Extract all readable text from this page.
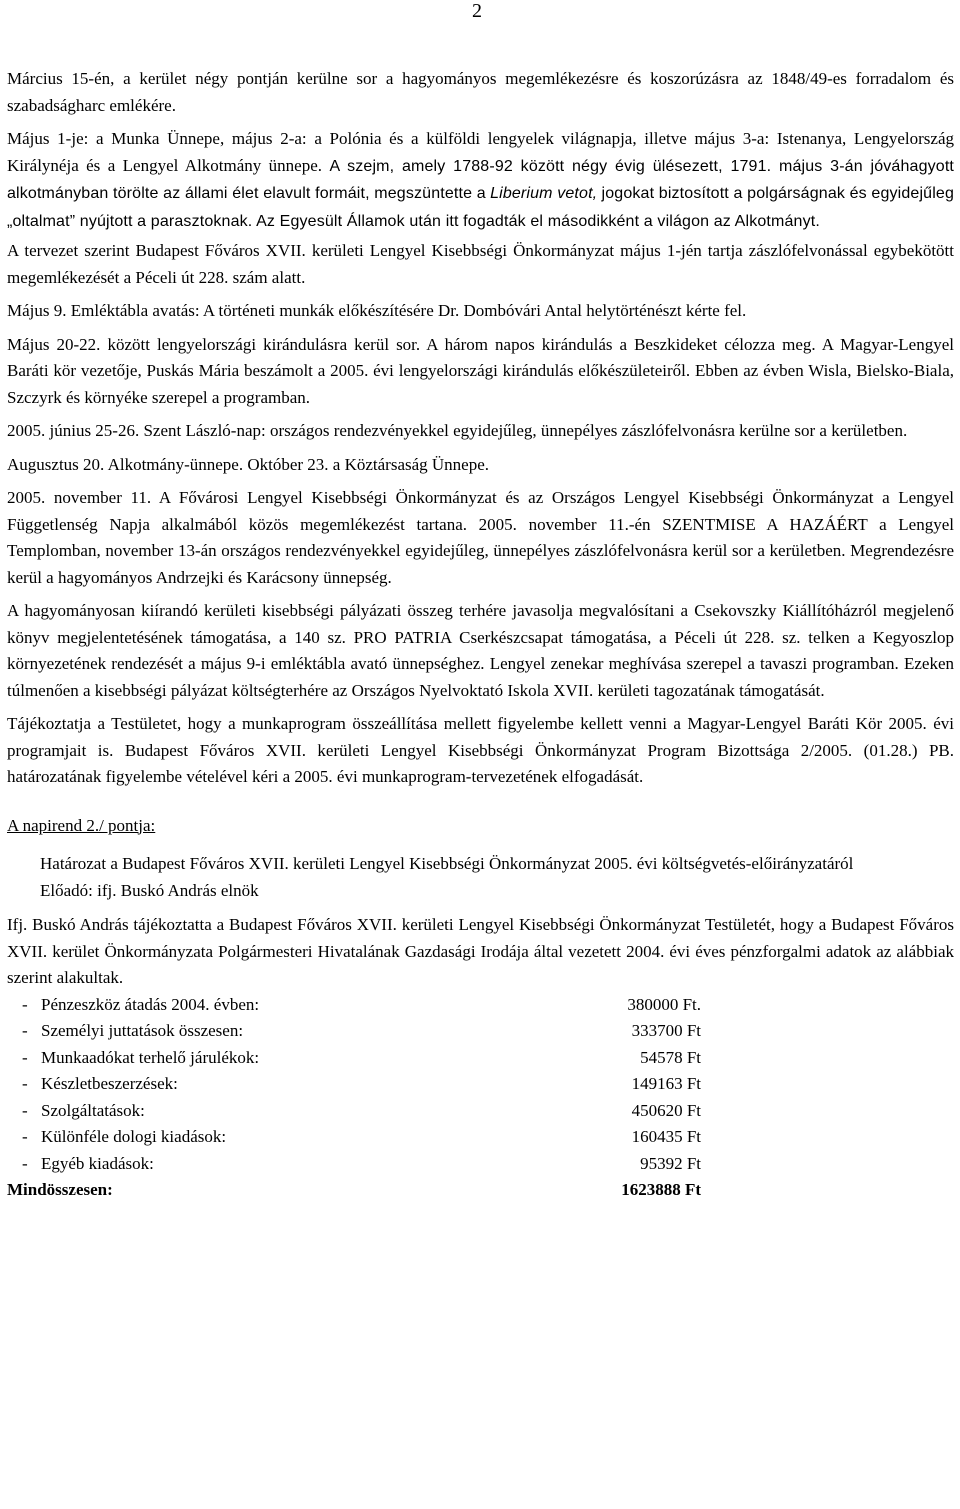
2

Március 15-én, a kerület négy pontján kerülne sor a hagyományos megemlékezésre és koszorúzásra az 1848/49-es forradalom és szabadságharc emlékére.

Május 1-je: a Munka Ünnepe, május 2-a: a Polónia és a külföldi lengyelek világnapja, illetve május 3-a: Istenanya, Lengyelország Királynéja és a Lengyel Alkotmány ünnepe. A szejm, amely 1788-92 között négy évig ülésezett, 1791. május 3-án jóváhagyott alkotmányban törölte az állami élet elavult formáit, megszüntette a Liberium vetot, jogokat biztosított a polgárságnak és egyidejűleg „oltalmat” nyújtott a parasztoknak. Az Egyesült Államok után itt fogadták el másodikként a világon az Alkotmányt.

A tervezet szerint Budapest Főváros XVII. kerületi Lengyel Kisebbségi Önkormányzat május 1-jén tartja zászlófelvonással egybekötött megemlékezését a Péceli út 228. szám alatt.

Május 9. Emléktábla avatás: A történeti munkák előkészítésére Dr. Dombóvári Antal helytörténészt kérte fel.

Május 20-22. között lengyelországi kirándulásra kerül sor. A három napos kirándulás a Beszkideket célozza meg. A Magyar-Lengyel Baráti kör vezetője, Puskás Mária beszámolt a 2005. évi lengyelországi kirándulás előkészületeiről. Ebben az évben Wisla, Bielsko-Biala, Szczyrk és környéke szerepel a programban.

2005. június 25-26. Szent László-nap: országos rendezvényekkel egyidejűleg, ünnepélyes zászlófelvonásra kerülne sor a kerületben.

Augusztus 20. Alkotmány-ünnepe. Október 23. a Köztársaság Ünnepe.

2005. november 11. A Fővárosi Lengyel Kisebbségi Önkormányzat és az Országos Lengyel Kisebbségi Önkormányzat a Lengyel Függetlenség Napja alkalmából közös megemlékezést tartana. 2005. november 11.-én SZENTMISE A HAZÁÉRT a Lengyel Templomban, november 13-án országos rendezvényekkel egyidejűleg, ünnepélyes zászlófelvonásra kerül sor a kerületben. Megrendezésre kerül a hagyományos Andrzejki és Karácsony ünnepség.

A hagyományosan kiírandó kerületi kisebbségi pályázati összeg terhére javasolja megvalósítani a Csekovszky Kiállítóházról megjelenő könyv megjelentetésének támogatása, a 140 sz. PRO PATRIA Cserkészcsapat támogatása, a Péceli út 228. sz. telken a Kegyoszlop környezetének rendezését a május 9-i emléktábla avató ünnepséghez. Lengyel zenekar meghívása szerepel a tavaszi programban. Ezeken túlmenően a kisebbségi pályázat költségterhére az Országos Nyelvoktató Iskola XVII. kerületi tagozatának támogatását.

Tájékoztatja a Testületet, hogy a munkaprogram összeállítása mellett figyelembe kellett venni a Magyar-Lengyel Baráti Kör 2005. évi programjait is. Budapest Főváros XVII. kerületi Lengyel Kisebbségi Önkormányzat Program Bizottsága 2/2005. (01.28.) PB. határozatának figyelembe vételével kéri a 2005. évi munkaprogram-tervezetének elfogadását.

A napirend 2./ pontja:

Határozat a Budapest Főváros XVII. kerületi Lengyel Kisebbségi Önkormányzat 2005. évi költségvetés-előirányzatáról
Előadó: ifj. Buskó András elnök

Ifj. Buskó András tájékoztatta a Budapest Főváros XVII. kerületi Lengyel Kisebbségi Önkormányzat Testületét, hogy a Budapest Főváros XVII. kerület Önkormányzata Polgármesteri Hivatalának Gazdasági Irodája által vezetett 2004. évi éves pénzforgalmi adatok az alábbiak szerint alakultak.

- Pénzeszköz átadás 2004. évben:	380000 Ft.
- Személyi juttatások összesen:	333700 Ft
- Munkaadókat terhelő járulékok:	54578 Ft
- Készletbeszerzések:	149163 Ft
- Szolgáltatások:	450620 Ft
- Különféle dologi kiadások:	160435 Ft
- Egyéb kiadások:	95392 Ft
Mindösszesen:	1623888 Ft
